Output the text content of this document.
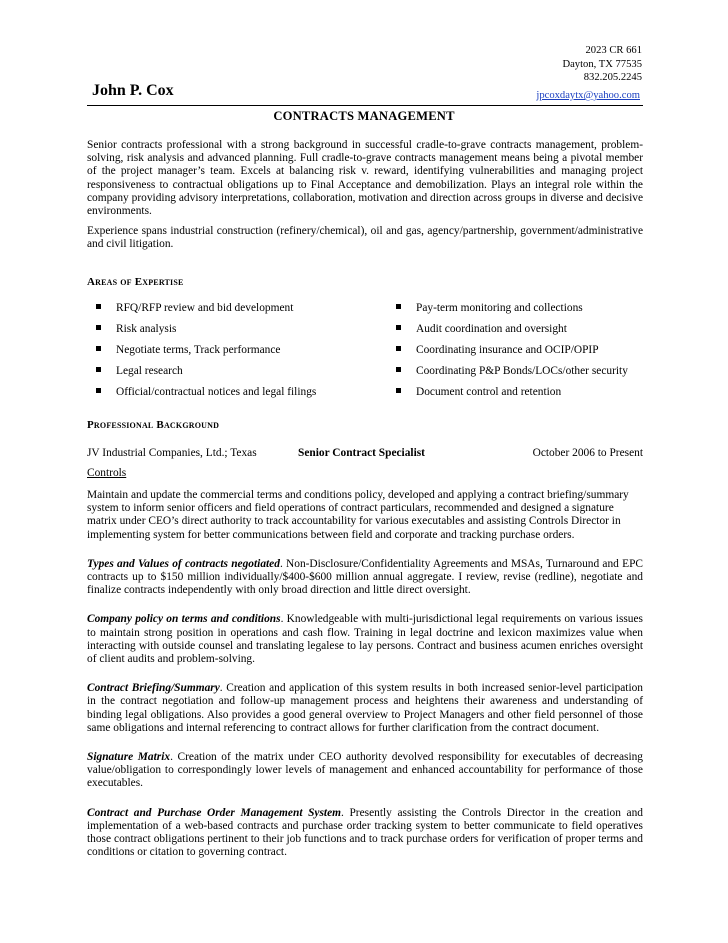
2023 CR 661
Dayton, TX 77535
832.205.2245
John P. Cox	jpcoxdaytx@yahoo.com
CONTRACTS MANAGEMENT

Senior contracts professional with a strong background in successful cradle-to-grave contracts management, problem-solving, risk analysis and advanced planning. Full cradle-to-grave contracts management means being a pivotal member of the project manager’s team. Excels at balancing risk v. reward, identifying vulnerabilities and managing project responsiveness to contractual obligations up to Final Acceptance and demobilization. Plays an integral role within the company providing advisory interpretations, collaboration, motivation and direction across groups in diverse and decisive environments.

Experience spans industrial construction (refinery/chemical), oil and gas, agency/partnership, government/administrative and civil litigation.

Areas of Expertise
RFQ/RFP review and bid development	Pay-term monitoring and collections
Risk analysis	Audit coordination and oversight
Negotiate terms, Track performance	Coordinating insurance and OCIP/OPIP
Legal research	Coordinating P&P Bonds/LOCs/other security
Official/contractual notices and legal filings	Document control and retention
Professional Background
JV Industrial Companies, Ltd.; Texas	Senior Contract Specialist	October 2006 to Present
Controls

Maintain and update the commercial terms and conditions policy, developed and applying a contract briefing/summary system to inform senior officers and field operations of contract particulars, recommended and designed a signature matrix under CEO’s direct authority to track accountability for various executables and assisting Controls Director in implementing system for better communications between field and corporate and tracking purchase orders.

Types and Values of contracts negotiated. Non-Disclosure/Confidentiality Agreements and MSAs, Turnaround and EPC contracts up to $150 million individually/$400-$600 million annual aggregate. I review, revise (redline), negotiate and finalize contracts independently with only broad direction and little direct oversight.

Company policy on terms and conditions. Knowledgeable with multi-jurisdictional legal requirements on various issues to maintain strong position in operations and cash flow. Training in legal doctrine and lexicon maximizes value when interacting with outside counsel and translating legalese to lay persons. Contract and business acumen enriches oversight of client audits and problem-solving.

Contract Briefing/Summary. Creation and application of this system results in both increased senior-level participation in the contract negotiation and follow-up management process and heightens their awareness and understanding of binding legal obligations. Also provides a good general overview to Project Managers and other field personnel of those same obligations and internal referencing to contract allows for further clarification from the contract document.

Signature Matrix. Creation of the matrix under CEO authority devolved responsibility for executables of decreasing value/obligation to correspondingly lower levels of management and enhanced accountability for performance of those executables.

Contract and Purchase Order Management System. Presently assisting the Controls Director in the creation and implementation of a web-based contracts and purchase order tracking system to better communicate to field operatives those contract obligations pertinent to their job functions and to track purchase orders for verification of proper terms and conditions or citation to governing contract.
